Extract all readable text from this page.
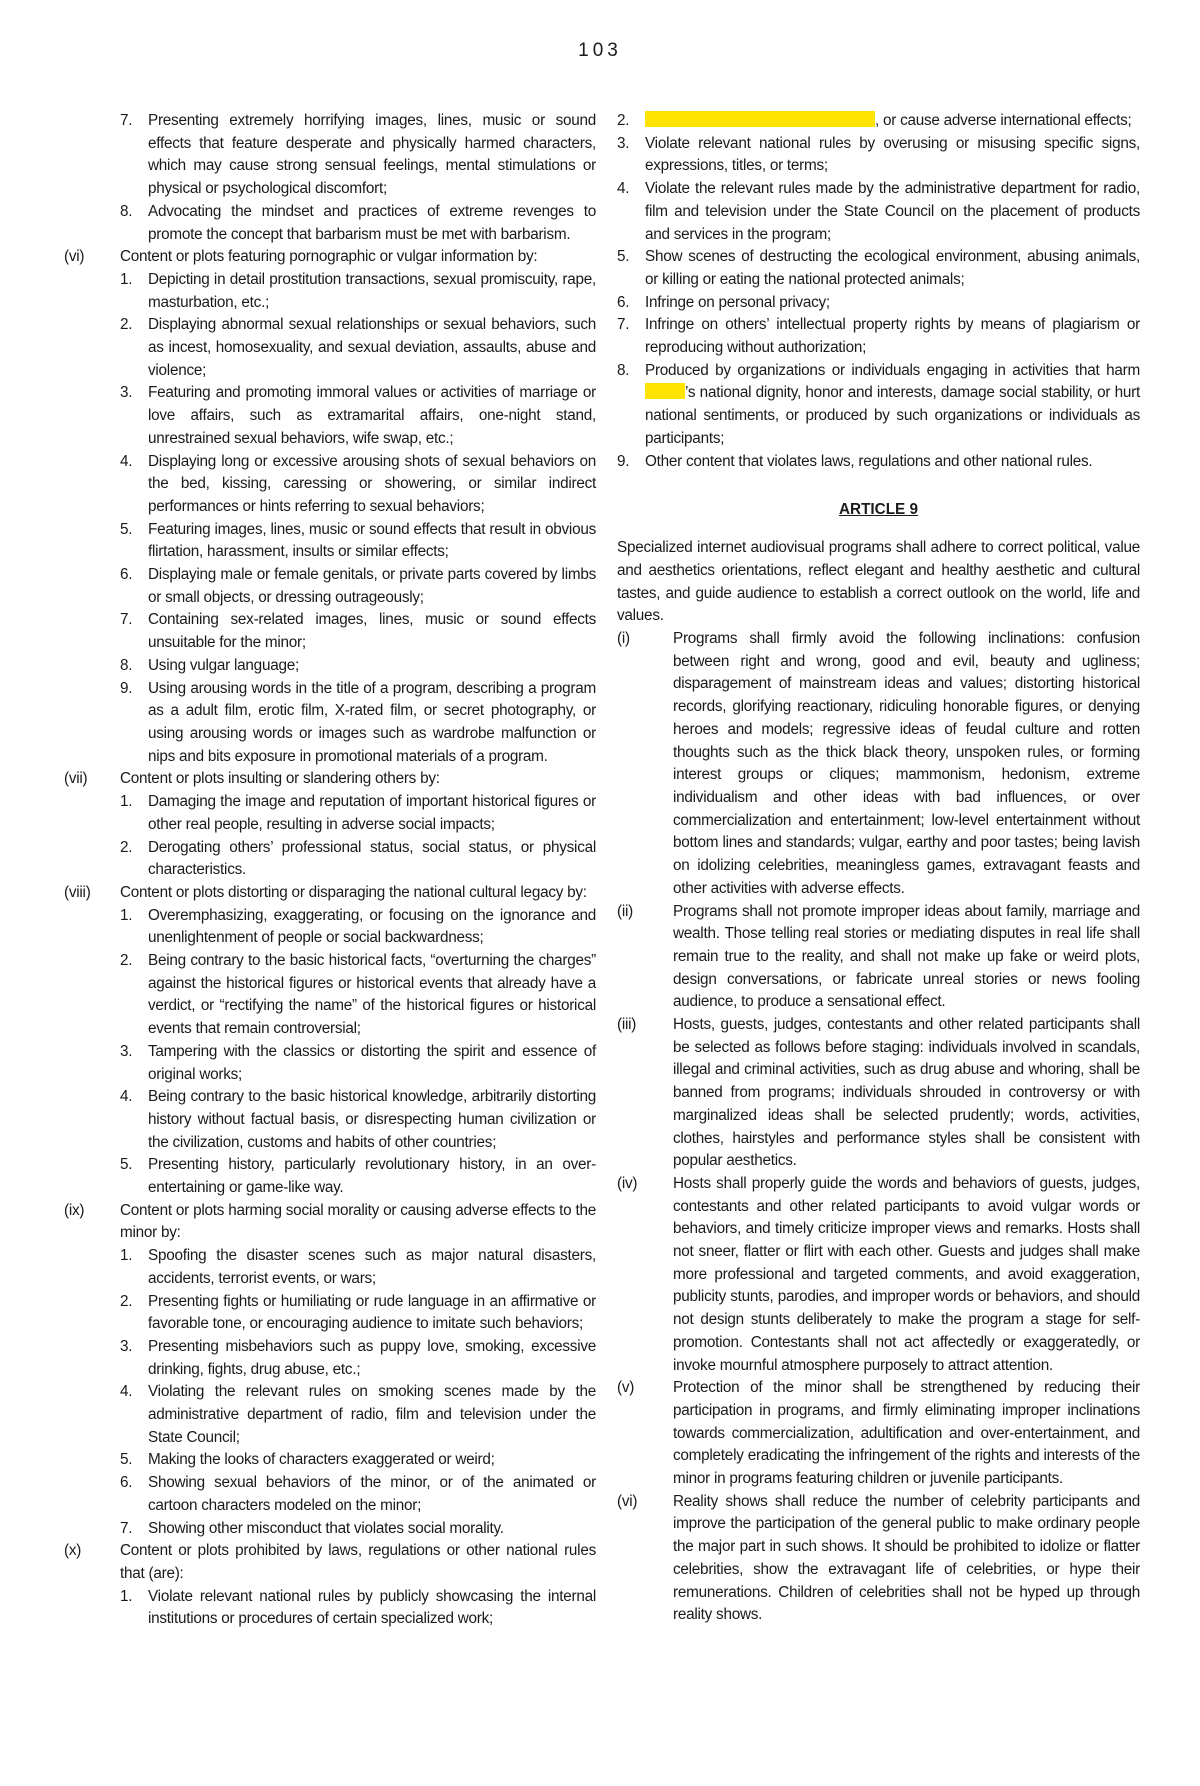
103
7. Presenting extremely horrifying images, lines, music or sound effects that feature desperate and physically harmed characters, which may cause strong sensual feelings, mental stimulations or physical or psychological discomfort;
8. Advocating the mindset and practices of extreme revenges to promote the concept that barbarism must be met with barbarism.
(vi) Content or plots featuring pornographic or vulgar information by:
1. Depicting in detail prostitution transactions, sexual promiscuity, rape, masturbation, etc.;
2. Displaying abnormal sexual relationships or sexual behaviors, such as incest, homosexuality, and sexual deviation, assaults, abuse and violence;
3. Featuring and promoting immoral values or activities of marriage or love affairs, such as extramarital affairs, one-night stand, unrestrained sexual behaviors, wife swap, etc.;
4. Displaying long or excessive arousing shots of sexual behaviors on the bed, kissing, caressing or showering, or similar indirect performances or hints referring to sexual behaviors;
5. Featuring images, lines, music or sound effects that result in obvious flirtation, harassment, insults or similar effects;
6. Displaying male or female genitals, or private parts covered by limbs or small objects, or dressing outrageously;
7. Containing sex-related images, lines, music or sound effects unsuitable for the minor;
8. Using vulgar language;
9. Using arousing words in the title of a program, describing a program as a adult film, erotic film, X-rated film, or secret photography, or using arousing words or images such as wardrobe malfunction or nips and bits exposure in promotional materials of a program.
(vii) Content or plots insulting or slandering others by:
1. Damaging the image and reputation of important historical figures or other real people, resulting in adverse social impacts;
2. Derogating others’ professional status, social status, or physical characteristics.
(viii) Content or plots distorting or disparaging the national cultural legacy by:
1. Overemphasizing, exaggerating, or focusing on the ignorance and unenlightenment of people or social backwardness;
2. Being contrary to the basic historical facts, “overturning the charges” against the historical figures or historical events that already have a verdict, or “rectifying the name” of the historical figures or historical events that remain controversial;
3. Tampering with the classics or distorting the spirit and essence of original works;
4. Being contrary to the basic historical knowledge, arbitrarily distorting history without factual basis, or disrespecting human civilization or the civilization, customs and habits of other countries;
5. Presenting history, particularly revolutionary history, in an over-entertaining or game-like way.
(ix) Content or plots harming social morality or causing adverse effects to the minor by:
1. Spoofing the disaster scenes such as major natural disasters, accidents, terrorist events, or wars;
2. Presenting fights or humiliating or rude language in an affirmative or favorable tone, or encouraging audience to imitate such behaviors;
3. Presenting misbehaviors such as puppy love, smoking, excessive drinking, fights, drug abuse, etc.;
4. Violating the relevant rules on smoking scenes made by the administrative department of radio, film and television under the State Council;
5. Making the looks of characters exaggerated or weird;
6. Showing sexual behaviors of the minor, or of the animated or cartoon characters modeled on the minor;
7. Showing other misconduct that violates social morality.
(x)	Content or plots prohibited by laws, regulations or other national rules that (are):
1. Violate relevant national rules by publicly showcasing the internal institutions or procedures of certain specialized work;
2.	, or cause adverse international effects;
3. Violate relevant national rules by overusing or misusing specific signs, expressions, titles, or terms;
4. Violate the relevant rules made by the administrative department for radio, film and television under the State Council on the placement of products and services in the program;
5. Show scenes of destructing the ecological environment, abusing animals, or killing or eating the national protected animals;
6. Infringe on personal privacy;
7. Infringe on others’ intellectual property rights by means of plagiarism or reproducing without authorization;
8. Produced by organizations or individuals engaging in activities that harm ’s national dignity, honor and interests, damage social stability, or hurt national sentiments, or produced by such organizations or individuals as participants;
9. Other content that violates laws, regulations and other national rules.
ARTICLE 9
Specialized internet audiovisual programs shall adhere to correct political, value and aesthetics orientations, reflect elegant and healthy aesthetic and cultural tastes, and guide audience to establish a correct outlook on the world, life and values.
(i)	Programs shall firmly avoid the following inclinations: confusion between right and wrong, good and evil, beauty and ugliness; disparagement of mainstream ideas and values; distorting historical records, glorifying reactionary, ridiculing honorable figures, or denying heroes and models; regressive ideas of feudal culture and rotten thoughts such as the thick black theory, unspoken rules, or forming interest groups or cliques; mammonism, hedonism, extreme individualism and other ideas with bad influences, or over commercialization and entertainment; low-level entertainment without bottom lines and standards; vulgar, earthy and poor tastes; being lavish on idolizing celebrities, meaningless games, extravagant feasts and other activities with adverse effects.
(ii)	Programs shall not promote improper ideas about family, marriage and wealth. Those telling real stories or mediating disputes in real life shall remain true to the reality, and shall not make up fake or weird plots, design conversations, or fabricate unreal stories or news fooling audience, to produce a sensational effect.
(iii) Hosts, guests, judges, contestants and other related participants shall be selected as follows before staging: individuals involved in scandals, illegal and criminal activities, such as drug abuse and whoring, shall be banned from programs; individuals shrouded in controversy or with marginalized ideas shall be selected prudently; words, activities, clothes, hairstyles and performance styles shall be consistent with popular aesthetics.
(iv) Hosts shall properly guide the words and behaviors of guests, judges, contestants and other related participants to avoid vulgar words or behaviors, and timely criticize improper views and remarks. Hosts shall not sneer, flatter or flirt with each other. Guests and judges shall make more professional and targeted comments, and avoid exaggeration, publicity stunts, parodies, and improper words or behaviors, and should not design stunts deliberately to make the program a stage for self-promotion. Contestants shall not act affectedly or exaggeratedly, or invoke mournful atmosphere purposely to attract attention.
(v)	Protection of the minor shall be strengthened by reducing their participation in programs, and firmly eliminating improper inclinations towards commercialization, adultification and over-entertainment, and completely eradicating the infringement of the rights and interests of the minor in programs featuring children or juvenile participants.
(vi) Reality shows shall reduce the number of celebrity participants and improve the participation of the general public to make ordinary people the major part in such shows. It should be prohibited to idolize or flatter celebrities, show the extravagant life of celebrities, or hype their remunerations. Children of celebrities shall not be hyped up through reality shows.
